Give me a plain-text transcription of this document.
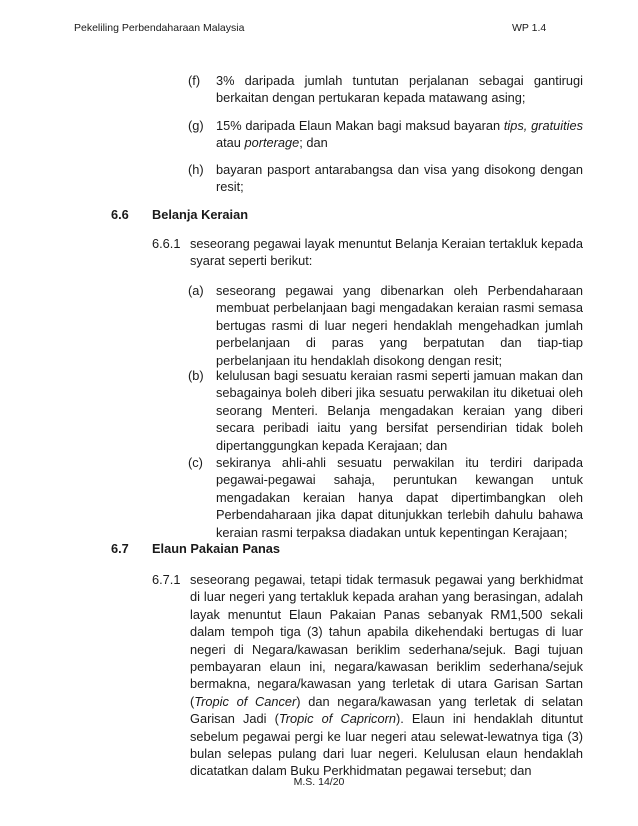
Pekeliling Perbendaharaan Malaysia	WP 1.4
(f) 3% daripada jumlah tuntutan perjalanan sebagai gantirugi berkaitan dengan pertukaran kepada matawang asing;
(g) 15% daripada Elaun Makan bagi maksud bayaran tips, gratuities atau porterage; dan
(h) bayaran pasport antarabangsa dan visa yang disokong dengan resit;
6.6 Belanja Keraian
6.6.1 seseorang pegawai layak menuntut Belanja Keraian tertakluk kepada syarat seperti berikut:
(a) seseorang pegawai yang dibenarkan oleh Perbendaharaan membuat perbelanjaan bagi mengadakan keraian rasmi semasa bertugas rasmi di luar negeri hendaklah mengehadkan jumlah perbelanjaan di paras yang berpatutan dan tiap-tiap perbelanjaan itu hendaklah disokong dengan resit;
(b) kelulusan bagi sesuatu keraian rasmi seperti jamuan makan dan sebagainya boleh diberi jika sesuatu perwakilan itu diketuai oleh seorang Menteri. Belanja mengadakan keraian yang diberi secara peribadi iaitu yang bersifat persendirian tidak boleh dipertanggungkan kepada Kerajaan; dan
(c) sekiranya ahli-ahli sesuatu perwakilan itu terdiri daripada pegawai-pegawai sahaja, peruntukan kewangan untuk mengadakan keraian hanya dapat dipertimbangkan oleh Perbendaharaan jika dapat ditunjukkan terlebih dahulu bahawa keraian rasmi terpaksa diadakan untuk kepentingan Kerajaan;
6.7 Elaun Pakaian Panas
6.7.1 seseorang pegawai, tetapi tidak termasuk pegawai yang berkhidmat di luar negeri yang tertakluk kepada arahan yang berasingan, adalah layak menuntut Elaun Pakaian Panas sebanyak RM1,500 sekali dalam tempoh tiga (3) tahun apabila dikehendaki bertugas di luar negeri di Negara/kawasan beriklim sederhana/sejuk. Bagi tujuan pembayaran elaun ini, negara/kawasan beriklim sederhana/sejuk bermakna, negara/kawasan yang terletak di utara Garisan Sartan (Tropic of Cancer) dan negara/kawasan yang terletak di selatan Garisan Jadi (Tropic of Capricorn). Elaun ini hendaklah dituntut sebelum pegawai pergi ke luar negeri atau selewat-lewatnya tiga (3) bulan selepas pulang dari luar negeri. Kelulusan elaun hendaklah dicatatkan dalam Buku Perkhidmatan pegawai tersebut; dan
M.S. 14/20
